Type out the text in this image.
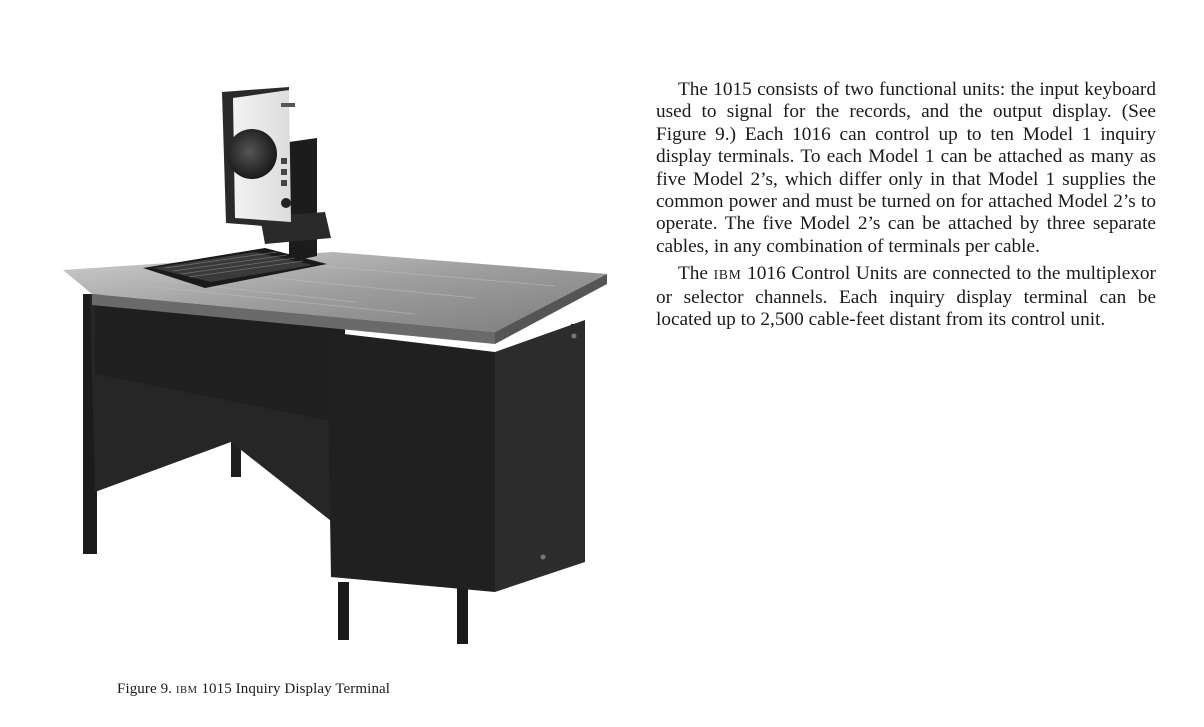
Figure 9. IBM 1015 Inquiry Display Terminal

The 1015 consists of two functional units: the input keyboard used to signal for the records, and the output display. (See Figure 9.) Each 1016 can control up to ten Model 1 inquiry display terminals. To each Model 1 can be attached as many as five Model 2’s, which differ only in that Model 1 supplies the common power and must be turned on for attached Model 2’s to operate. The five Model 2’s can be attached by three separate cables, in any combination of terminals per cable.

The IBM 1016 Control Units are connected to the multiplexor or selector channels. Each inquiry display terminal can be located up to 2,500 cable-feet distant from its control unit.
